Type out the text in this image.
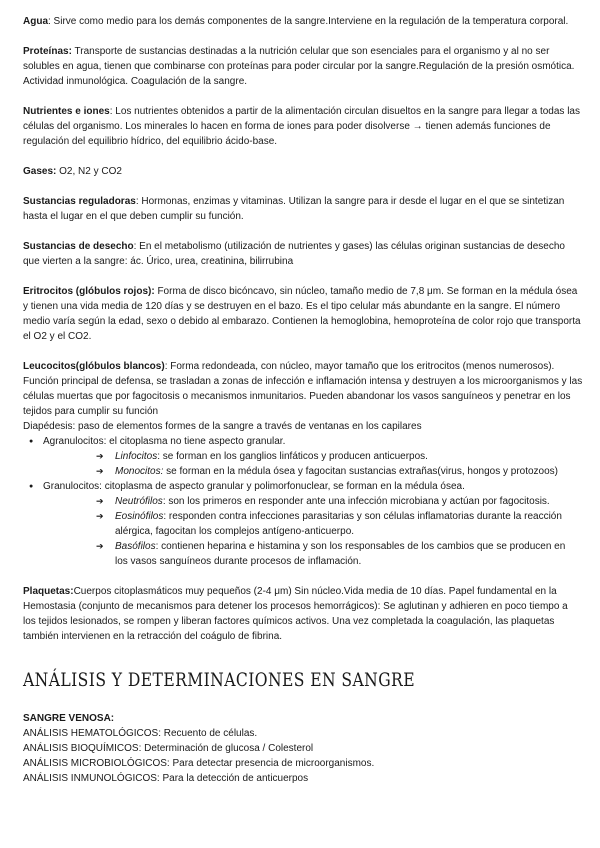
Agua: Sirve como medio para los demás componentes de la sangre.Interviene en la regulación de la temperatura corporal.

Proteínas: Transporte de sustancias destinadas a la nutrición celular que son esenciales para el organismo y al no ser solubles en agua, tienen que combinarse con proteínas para poder circular por la sangre.Regulación de la presión osmótica. Actividad inmunológica. Coagulación de la sangre.

Nutrientes e iones: Los nutrientes obtenidos a partir de la alimentación circulan disueltos en la sangre para llegar a todas las células del organismo. Los minerales lo hacen en forma de iones para poder disolverse → tienen además funciones de regulación del equilibrio hídrico, del equilibrio ácido-base.

Gases: O2, N2 y CO2

Sustancias reguladoras: Hormonas, enzimas y vitaminas. Utilizan la sangre para ir desde el lugar en el que se sintetizan hasta el lugar en el que deben cumplir su función.

Sustancias de desecho: En el metabolismo (utilización de nutrientes y gases) las células originan sustancias de desecho que vierten a la sangre: ác. Úrico, urea, creatinina, bilirrubina

Eritrocitos (glóbulos rojos): Forma de disco bicóncavo, sin núcleo, tamaño medio de 7,8 μm. Se forman en la médula ósea y tienen una vida media de 120 días y se destruyen en el bazo. Es el tipo celular más abundante en la sangre. El número medio varía según la edad, sexo o debido al embarazo. Contienen la hemoglobina, hemoproteína de color rojo que transporta el O2 y el CO2.

Leucocitos(glóbulos blancos): Forma redondeada, con núcleo, mayor tamaño que los eritrocitos (menos numerosos). Función principal de defensa, se trasladan a zonas de infección e inflamación intensa y destruyen a los microorganismos y las células muertas que por fagocitosis o mecanismos inmunitarios. Pueden abandonar los vasos sanguíneos y penetrar en los tejidos para cumplir su función

Diapédesis: paso de elementos formes de la sangre a través de ventanas en los capilares

● Agranulocitos: el citoplasma no tiene aspecto granular.
➔ Linfocitos: se forman en los ganglios linfáticos y producen anticuerpos.
➔ Monocitos: se forman en la médula ósea y fagocitan sustancias extrañas(virus, hongos y protozoos)
● Granulocitos: citoplasma de aspecto granular y polimorfonuclear, se forman en la médula ósea.
➔ Neutrófilos: son los primeros en responder ante una infección microbiana y actúan por fagocitosis.
➔ Eosinófilos: responden contra infecciones parasitarias y son células inflamatorias durante la reacción alérgica, fagocitan los complejos antígeno-anticuerpo.
➔ Basófilos: contienen heparina e histamina y son los responsables de los cambios que se producen en los vasos sanguíneos durante procesos de inflamación.

Plaquetas:Cuerpos citoplasmáticos muy pequeños (2-4 μm) Sin núcleo.Vida media de 10 días. Papel fundamental en la Hemostasia (conjunto de mecanismos para detener los procesos hemorrágicos): Se aglutinan y adhieren en poco tiempo a los tejidos lesionados, se rompen y liberan factores químicos activos. Una vez completada la coagulación, las plaquetas también intervienen en la retracción del coágulo de fibrina.

ANÁLISIS Y DETERMINACIONES EN SANGRE

SANGRE VENOSA:

ANÁLISIS HEMATOLÓGICOS: Recuento de células.

ANÁLISIS BIOQUÍMICOS: Determinación de glucosa / Colesterol

ANÁLISIS MICROBIOLÓGICOS: Para detectar presencia de microorganismos.

ANÁLISIS INMUNOLÓGICOS: Para la detección de anticuerpos
